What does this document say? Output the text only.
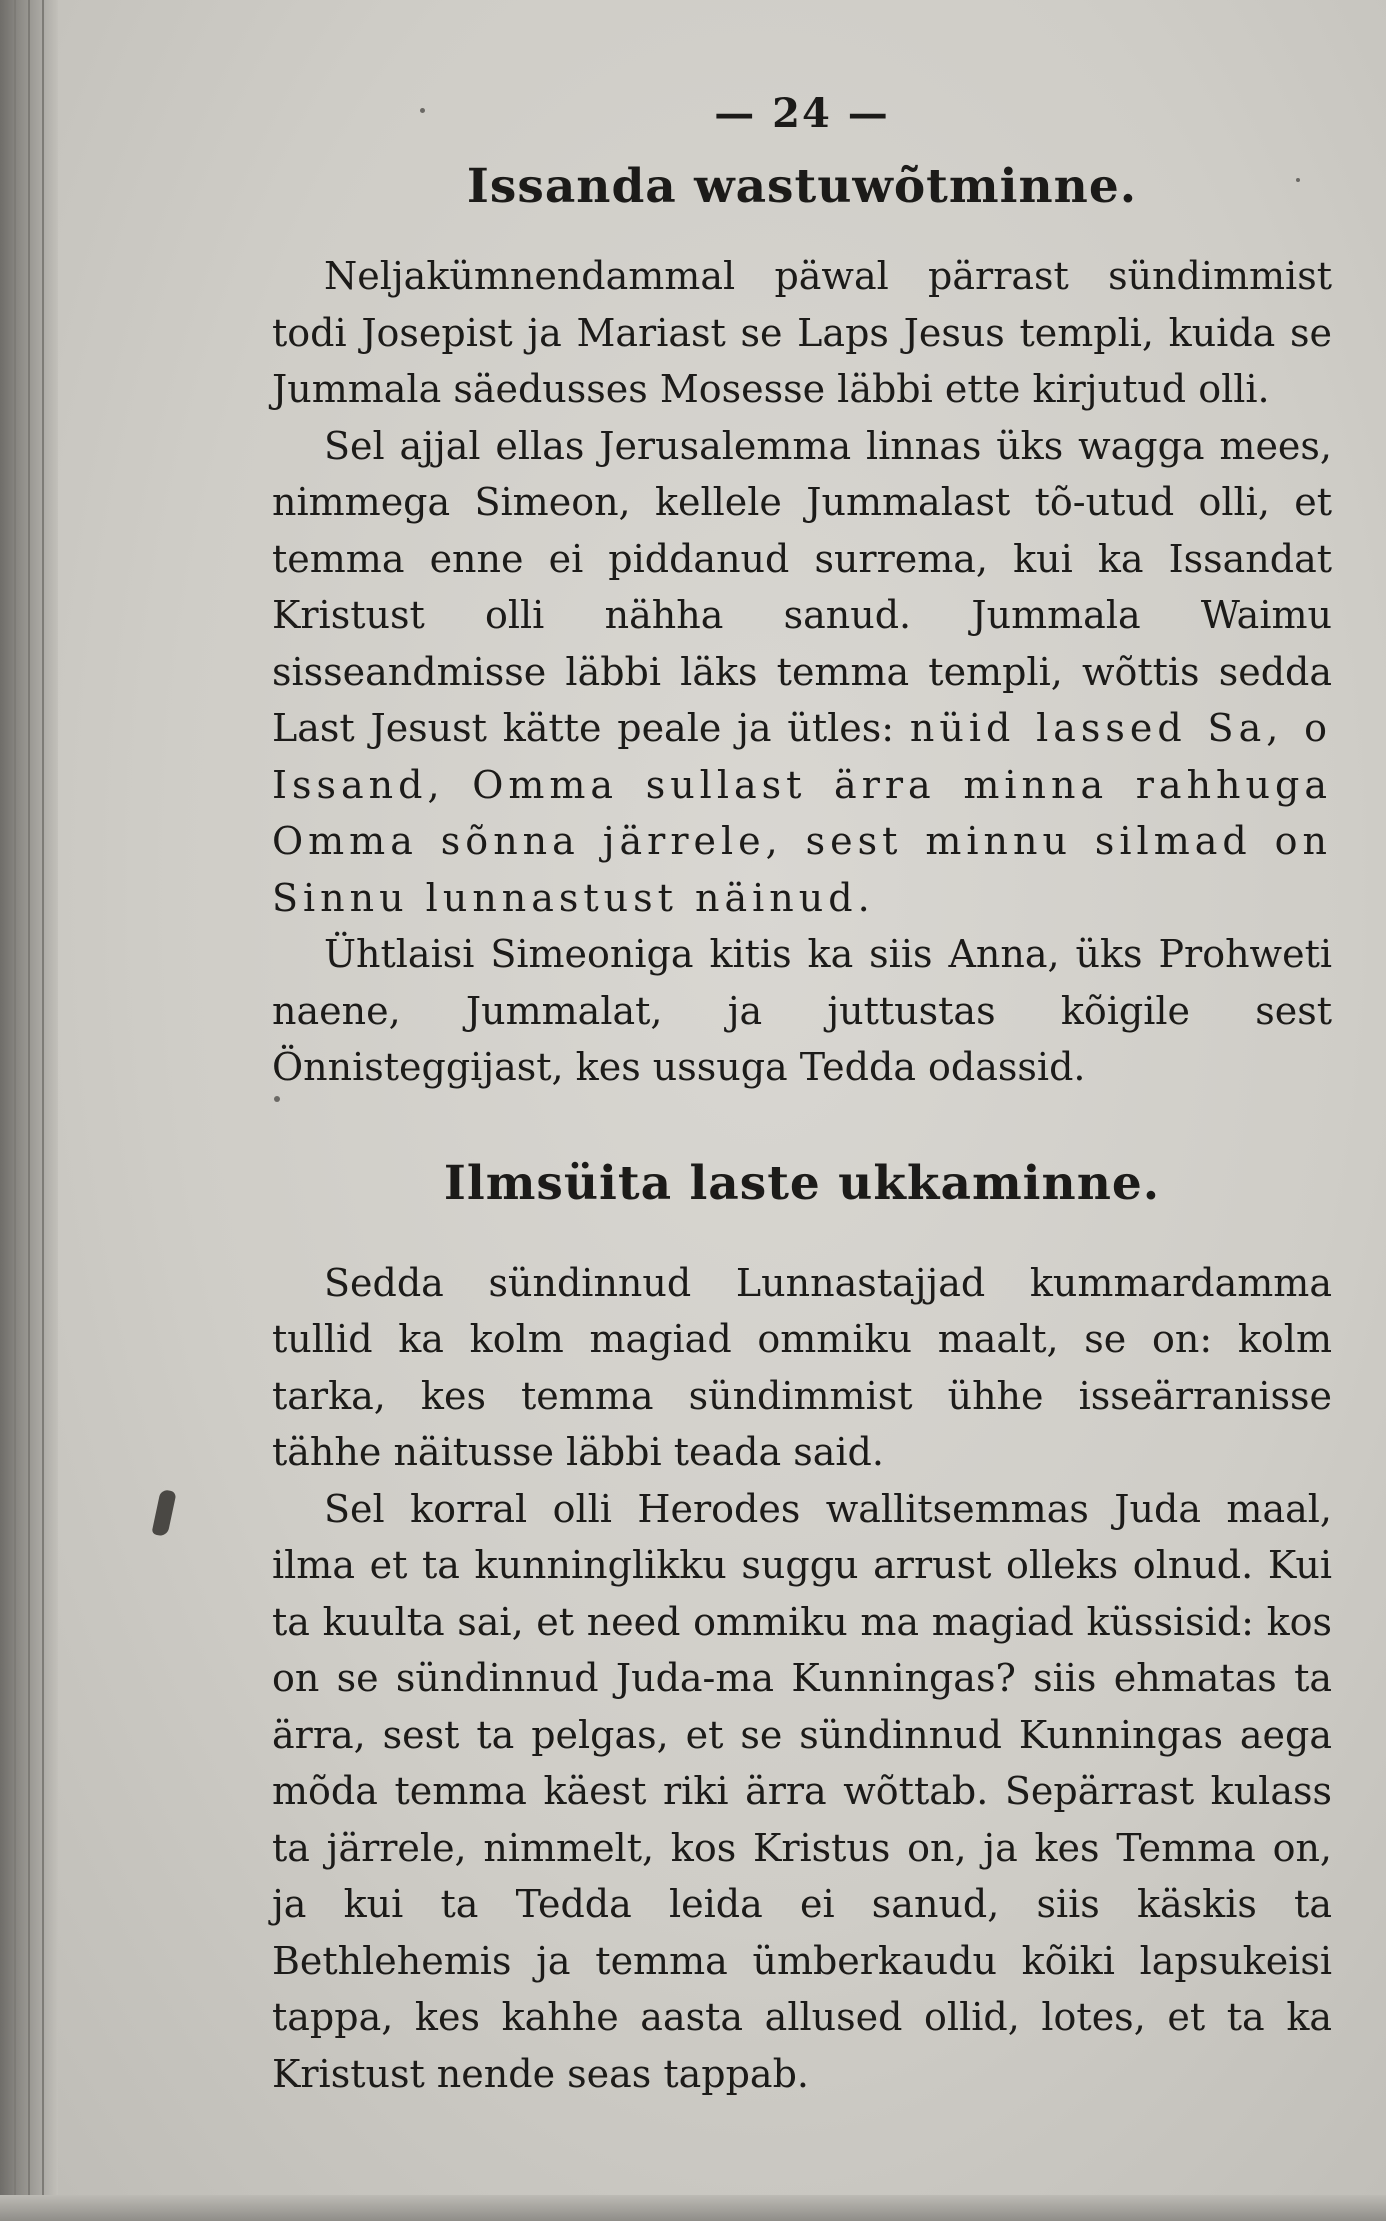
— 24 —
Issanda wastuwõtminne.

Neljakümnendammal päwal pärrast sündimmist todi Josepist ja Mariast se Laps Jesus templi, kuida se Jummala säedusses Mosesse läbbi ette kirjutud olli.

Sel ajjal ellas Jerusalemma linnas üks wagga mees, nimmega Simeon, kellele Jummalast tõ-utud olli, et temma enne ei piddanud surrema, kui ka Issandat Kristust olli nähha sanud. Jummala Waimu sisseandmisse läbbi läks temma templi, wõttis sedda Last Jesust kätte peale ja ütles: nüid lassed Sa, o Issand, Omma sullast ärra minna rahhuga Omma sõnna järrele, sest minnu silmad on Sinnu lunnastust näinud.

Ühtlaisi Simeoniga kitis ka siis Anna, üks Prohweti naene, Jummalat, ja juttustas kõigile sest Önnisteggijast, kes ussuga Tedda odassid.

Ilmsüita laste ukkaminne.

Sedda sündinnud Lunnastajjad kummardamma tullid ka kolm magiad ommiku maalt, se on: kolm tarka, kes temma sündimmist ühhe isseärranisse tähhe näitusse läbbi teada said.

Sel korral olli Herodes wallitsemmas Juda maal, ilma et ta kunninglikku suggu arrust olleks olnud. Kui ta kuulta sai, et need ommiku ma magiad küssisid: kos on se sündinnud Juda-ma Kunningas? siis ehmatas ta ärra, sest ta pelgas, et se sündinnud Kunningas aega mõda temma käest riki ärra wõttab. Sepärrast kulass ta järrele, nimmelt, kos Kristus on, ja kes Temma on, ja kui ta Tedda leida ei sanud, siis käskis ta Bethlehemis ja temma ümberkaudu kõiki lapsukeisi tappa, kes kahhe aasta allused ollid, lotes, et ta ka Kristust nende seas tappab.
